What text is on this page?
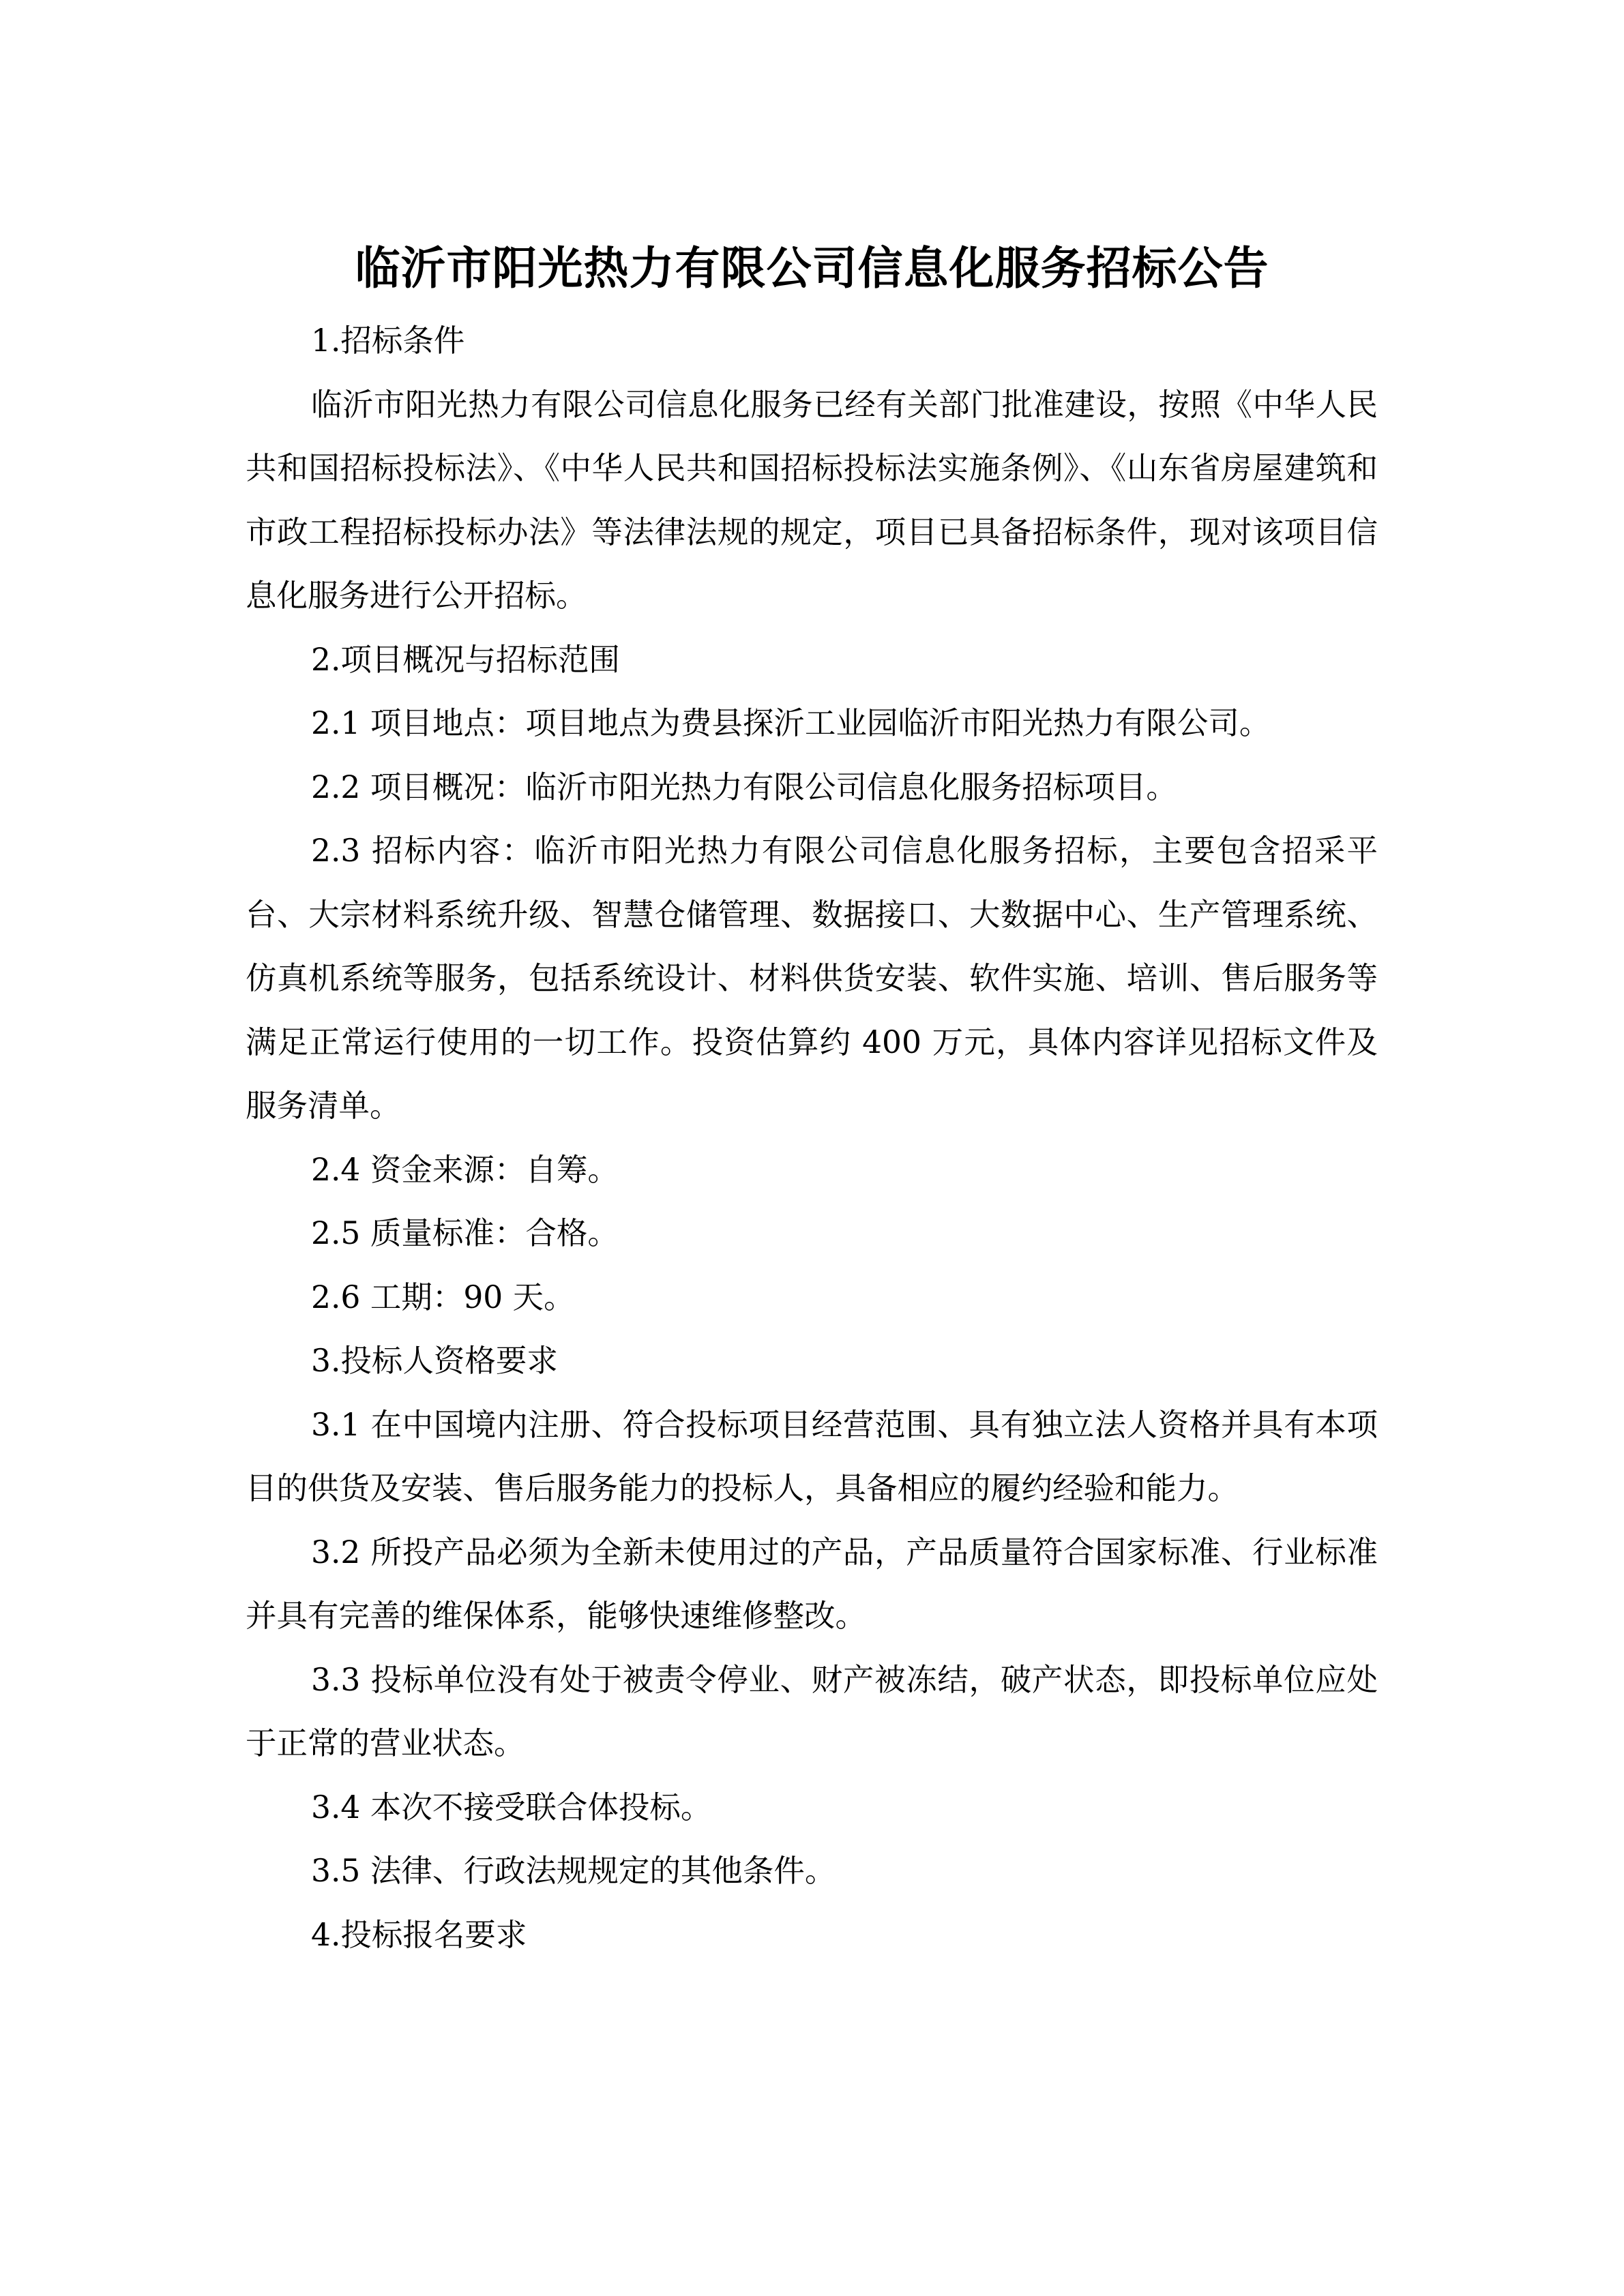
临沂市阳光热力有限公司信息化服务招标公告

1.招标条件

临沂市阳光热力有限公司信息化服务已经有关部门批准建设，按照《中华人民共和国招标投标法》、《中华人民共和国招标投标法实施条例》、《山东省房屋建筑和市政工程招标投标办法》等法律法规的规定，项目已具备招标条件，现对该项目信息化服务进行公开招标。

2.项目概况与招标范围

2.1 项目地点：项目地点为费县探沂工业园临沂市阳光热力有限公司。

2.2 项目概况：临沂市阳光热力有限公司信息化服务招标项目。

2.3 招标内容：临沂市阳光热力有限公司信息化服务招标，主要包含招采平台、大宗材料系统升级、智慧仓储管理、数据接口、大数据中心、生产管理系统、仿真机系统等服务，包括系统设计、材料供货安装、软件实施、培训、售后服务等满足正常运行使用的一切工作。投资估算约 400 万元，具体内容详见招标文件及服务清单。

2.4 资金来源：自筹。

2.5 质量标准：合格。

2.6 工期：90 天。

3.投标人资格要求

3.1 在中国境内注册、符合投标项目经营范围、具有独立法人资格并具有本项目的供货及安装、售后服务能力的投标人，具备相应的履约经验和能力。

3.2 所投产品必须为全新未使用过的产品，产品质量符合国家标准、行业标准并具有完善的维保体系，能够快速维修整改。

3.3 投标单位没有处于被责令停业、财产被冻结，破产状态，即投标单位应处于正常的营业状态。

3.4 本次不接受联合体投标。

3.5 法律、行政法规规定的其他条件。

4.投标报名要求
